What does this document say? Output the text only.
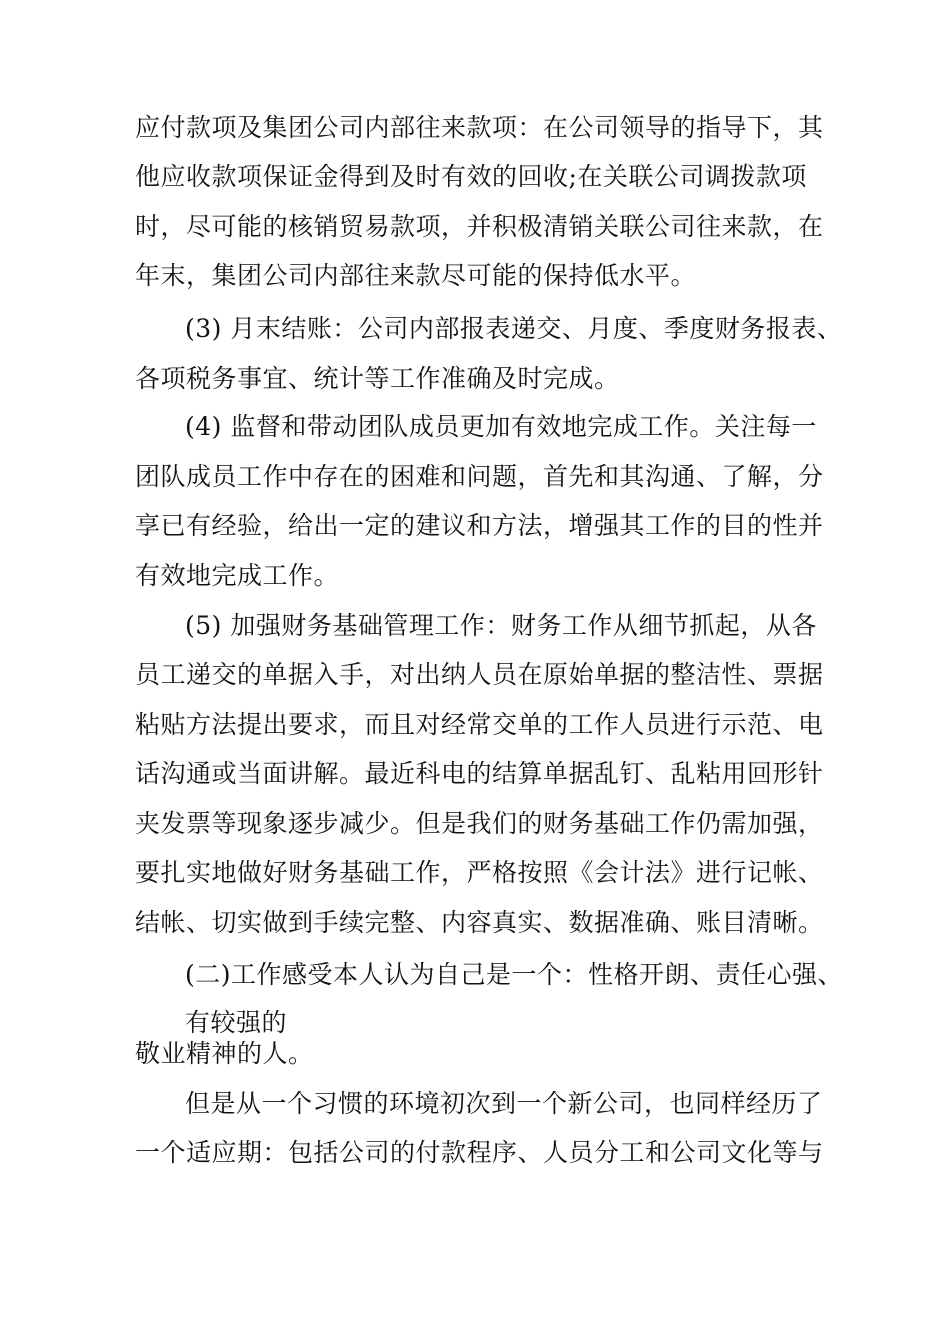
应付款项及集团公司内部往来款项：在公司领导的指导下，其
他应收款项保证金得到及时有效的回收;在关联公司调拨款项
时，尽可能的核销贸易款项，并积极清销关联公司往来款，在
年末，集团公司内部往来款尽可能的保持低水平。
(3) 月末结账：公司内部报表递交、月度、季度财务报表、
各项税务事宜、统计等工作准确及时完成。
(4) 监督和带动团队成员更加有效地完成工作。关注每一
团队成员工作中存在的困难和问题，首先和其沟通、了解，分
享已有经验，给出一定的建议和方法，增强其工作的目的性并
有效地完成工作。
(5) 加强财务基础管理工作：财务工作从细节抓起，从各
员工递交的单据入手，对出纳人员在原始单据的整洁性、票据
粘贴方法提出要求，而且对经常交单的工作人员进行示范、电
话沟通或当面讲解。最近科电的结算单据乱钉、乱粘用回形针
夹发票等现象逐步减少。但是我们的财务基础工作仍需加强，
要扎实地做好财务基础工作，严格按照《会计法》进行记帐、
结帐、切实做到手续完整、内容真实、数据准确、账目清晰。
(二)工作感受本人认为自己是一个：性格开朗、责任心强、
有较强的
敬业精神的人。
但是从一个习惯的环境初次到一个新公司，也同样经历了
一个适应期：包括公司的付款程序、人员分工和公司文化等与
